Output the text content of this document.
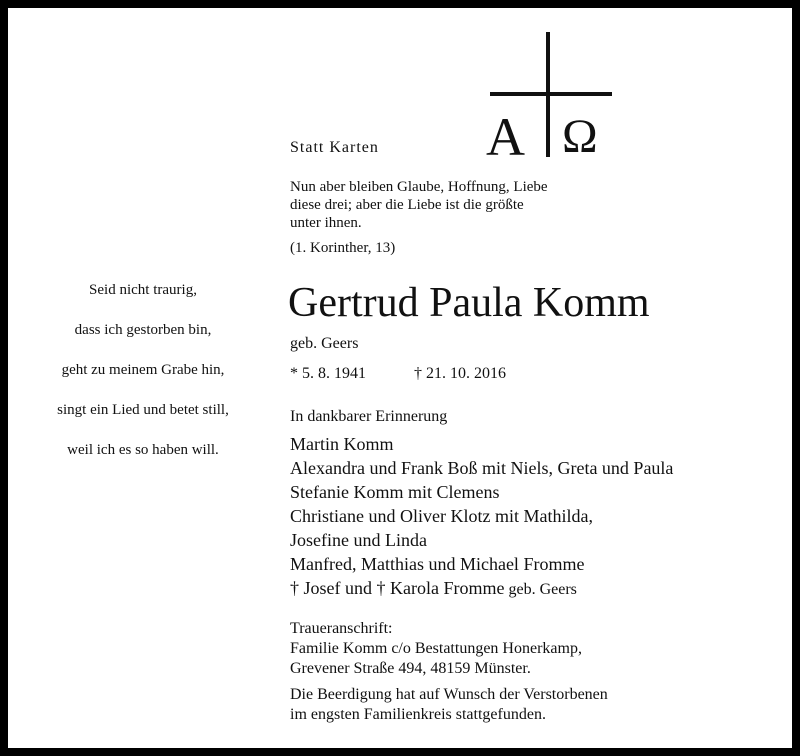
Statt Karten A Ω
Nun aber bleiben Glaube, Hoffnung, Liebe
diese drei; aber die Liebe ist die größte
unter ihnen.
(1. Korinther, 13)
Seid nicht traurig,
dass ich gestorben bin,
geht zu meinem Grabe hin,
singt ein Lied und betet still,
weil ich es so haben will.
Gertrud Paula Komm
geb. Geers
* 5. 8. 1941	† 21. 10. 2016
In dankbarer Erinnerung
Martin Komm
Alexandra und Frank Boß mit Niels, Greta und Paula
Stefanie Komm mit Clemens
Christiane und Oliver Klotz mit Mathilda,
Josefine und Linda
Manfred, Matthias und Michael Fromme
† Josef und † Karola Fromme geb. Geers
Traueranschrift:
Familie Komm c/o Bestattungen Honerkamp,
Grevener Straße 494, 48159 Münster.
Die Beerdigung hat auf Wunsch der Verstorbenen
im engsten Familienkreis stattgefunden.
